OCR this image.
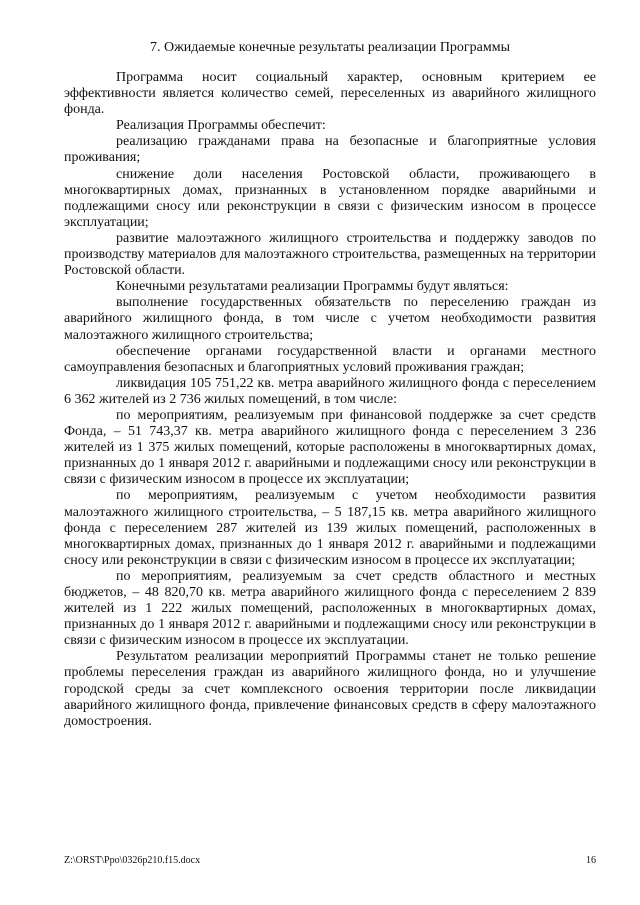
7. Ожидаемые конечные результаты реализации Программы

Программа носит социальный характер, основным критерием ее эффективности является количество семей, переселенных из аварийного жилищного фонда.

Реализация Программы обеспечит:

реализацию гражданами права на безопасные и благоприятные условия проживания;

снижение доли населения Ростовской области, проживающего в многоквартирных домах, признанных в установленном порядке аварийными и подлежащими сносу или реконструкции в связи с физическим износом в процессе эксплуатации;

развитие малоэтажного жилищного строительства и поддержку заводов по производству материалов для малоэтажного строительства, размещенных на территории Ростовской области.

Конечными результатами реализации Программы будут являться:

выполнение государственных обязательств по переселению граждан из аварийного жилищного фонда, в том числе с учетом необходимости развития малоэтажного жилищного строительства;

обеспечение органами государственной власти и органами местного самоуправления безопасных и благоприятных условий проживания граждан;

ликвидация 105 751,22 кв. метра аварийного жилищного фонда с переселением 6 362 жителей из 2 736 жилых помещений, в том числе:

по мероприятиям, реализуемым при финансовой поддержке за счет средств Фонда, – 51 743,37 кв. метра аварийного жилищного фонда с переселением 3 236 жителей из 1 375 жилых помещений, которые расположены в многоквартирных домах, признанных до 1 января 2012 г. аварийными и подлежащими сносу или реконструкции в связи с физическим износом в процессе их эксплуатации;

по мероприятиям, реализуемым с учетом необходимости развития малоэтажного жилищного строительства, – 5 187,15 кв. метра аварийного жилищного фонда с переселением 287 жителей из 139 жилых помещений, расположенных в многоквартирных домах, признанных до 1 января 2012 г. аварийными и подлежащими сносу или реконструкции в связи с физическим износом в процессе их эксплуатации;

по мероприятиям, реализуемым за счет средств областного и местных бюджетов, – 48 820,70 кв. метра аварийного жилищного фонда с переселением 2 839 жителей из 1 222 жилых помещений, расположенных в многоквартирных домах, признанных до 1 января 2012 г. аварийными и подлежащими сносу или реконструкции в связи с физическим износом в процессе их эксплуатации.

Результатом реализации мероприятий Программы станет не только решение проблемы переселения граждан из аварийного жилищного фонда, но и улучшение городской среды за счет комплексного освоения территории после ликвидации аварийного жилищного фонда, привлечение финансовых средств в сферу малоэтажного домостроения.

Z:\ORST\Ppo\0326p210.f15.docx	16
